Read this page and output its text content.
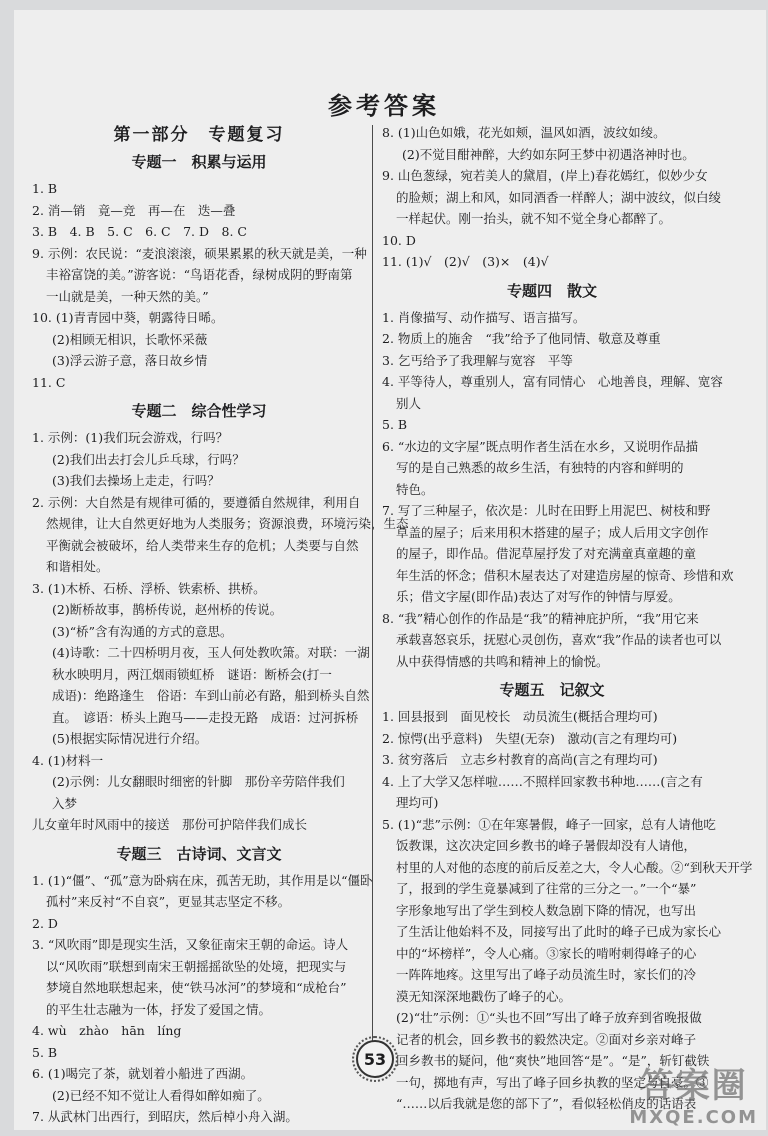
参考答案
第一部分　专题复习
专题一　积累与运用
1. B
2. 消—销　竟—竞　再—在　迭—叠
3. B　4. B　5. C　6. C　7. D　8. C
9. 示例：农民说：“麦浪滚滚，硕果累累的秋天就是美，一种
丰裕富饶的美。”游客说：“鸟语花香，绿树成阴的野南第
一山就是美，一种天然的美。”
10. (1)青青园中葵，朝露待日晞。
(2)相顾无相识，长歌怀采薇
(3)浮云游子意，落日故乡情
11. C
专题二　综合性学习
1. 示例：(1)我们玩会游戏，行吗？
(2)我们出去打会儿乒乓球，行吗？
(3)我们去操场上走走，行吗？
2. 示例：大自然是有规律可循的，要遵循自然规律，利用自
然规律，让大自然更好地为人类服务；资源浪费，环境污染，生态
平衡就会被破坏，给人类带来生存的危机；人类要与自然
和谐相处。
3. (1)木桥、石桥、浮桥、铁索桥、拱桥。
(2)断桥故事，鹊桥传说，赵州桥的传说。
(3)“桥”含有沟通的方式的意思。
(4)诗歌：二十四桥明月夜，玉人何处教吹箫。对联：一湖
秋水映明月，两江烟雨锁虹桥　谜语：断桥会(打一
成语)：绝路逢生　俗语：车到山前必有路，船到桥头自然
直。　谚语：桥头上跑马——走投无路　成语：过河拆桥
(5)根据实际情况进行介绍。
4. (1)材料一
(2)示例：儿女翻眼时细密的针脚　那份辛劳陪伴我们
入梦
儿女童年时风雨中的接送　那份可护陪伴我们成长
专题三　古诗词、文言文
1. (1)“僵”、“孤”意为卧病在床，孤苦无助，其作用是以“僵卧
孤村”来反衬“不自哀”，更显其志坚定不移。
2. D
3. “风吹雨”即是现实生活，又象征南宋王朝的命运。诗人
以“风吹雨”联想到南宋王朝摇摇欲坠的处境，把现实与
梦境自然地联想起来，使“铁马冰河”的梦境和“成枪台”
的平生壮志融为一体，抒发了爱国之情。
4. wù　zhào　hān　líng
5. B
6. (1)喝完了茶，就划着小船进了西湖。
(2)已经不知不觉让人看得如醉如痴了。
7. 从武林门出西行，到昭庆，然后棹小舟入湖。
8. (1)山色如娥，花光如颊，温风如酒，波纹如绫。
(2)不觉目酣神醉，大约如东阿王梦中初遇洛神时也。
9. 山色葱绿，宛若美人的黛眉，(岸上)春花嫣红，似妙少女
的脸颊；湖上和风，如同酒香一样醉人；湖中波纹，似白绫
一样起伏。刚一抬头，就不知不觉全身心都醉了。
10. D
11. (1)√　(2)√　(3)×　(4)√
专题四　散文
1. 肖像描写、动作描写、语言描写。
2. 物质上的施舍　“我”给予了他同情、敬意及尊重
3. 乞丐给予了我理解与宽容　平等
4. 平等待人，尊重别人，富有同情心　心地善良，理解、宽容
别人
5. B
6. “水边的文字屋”既点明作者生活在水乡，又说明作品描
写的是自己熟悉的故乡生活，有独特的内容和鲜明的
特色。
7. 写了三种屋子，依次是：儿时在田野上用泥巴、树枝和野
草盖的屋子；后来用积木搭建的屋子；成人后用文字创作
的屋子，即作品。借泥草屋抒发了对充满童真童趣的童
年生活的怀念；借积木屋表达了对建造房屋的惊奇、珍惜和欢
乐；借文字屋(即作品)表达了对写作的钟情与厚爱。
8. “我”精心创作的作品是“我”的精神庇护所，“我”用它来
承载喜怒哀乐，抚慰心灵创伤，喜欢“我”作品的读者也可以
从中获得情感的共鸣和精神上的愉悦。
专题五　记叙文
1. 回县报到　面见校长　动员流生(概括合理均可)
2. 惊愕(出乎意料)　失望(无奈)　激动(言之有理均可)
3. 贫穷落后　立志乡村教育的高尚(言之有理均可)
4. 上了大学又怎样啦……不照样回家教书种地……(言之有
理均可)
5. (1)“悲”示例：①在年寒暑假，峰子一回家，总有人请他吃
饭教课，这次决定回乡教书的峰子暑假却没有人请他，
村里的人对他的态度的前后反差之大，令人心酸。②“到秋天开学
了，报到的学生竟暴减到了往常的三分之一。”一个“暴”
字形象地写出了学生到校人数急剧下降的情况，也写出
了生活让他始料不及，同接写出了此时的峰子已成为家长心
中的“坏榜样”，令人心痛。③家长的啃咐刺得峰子的心
一阵阵地疼。这里写出了峰子动员流生时，家长们的冷
漠无知深深地戳伤了峰子的心。
(2)“壮”示例：①“头也不回”写出了峰子放弃到省晚报做
记者的机会，回乡教书的毅然决定。②面对乡亲对峰子
回乡教书的疑问，他“爽快”地回答“是”。“是”，斩钉截铁
一句，掷地有声，写出了峰子回乡执教的坚定与自豪。③
“……以后我就是您的部下了”，看似轻松俏皮的话语表
53
答案圈
MXQE.COM
